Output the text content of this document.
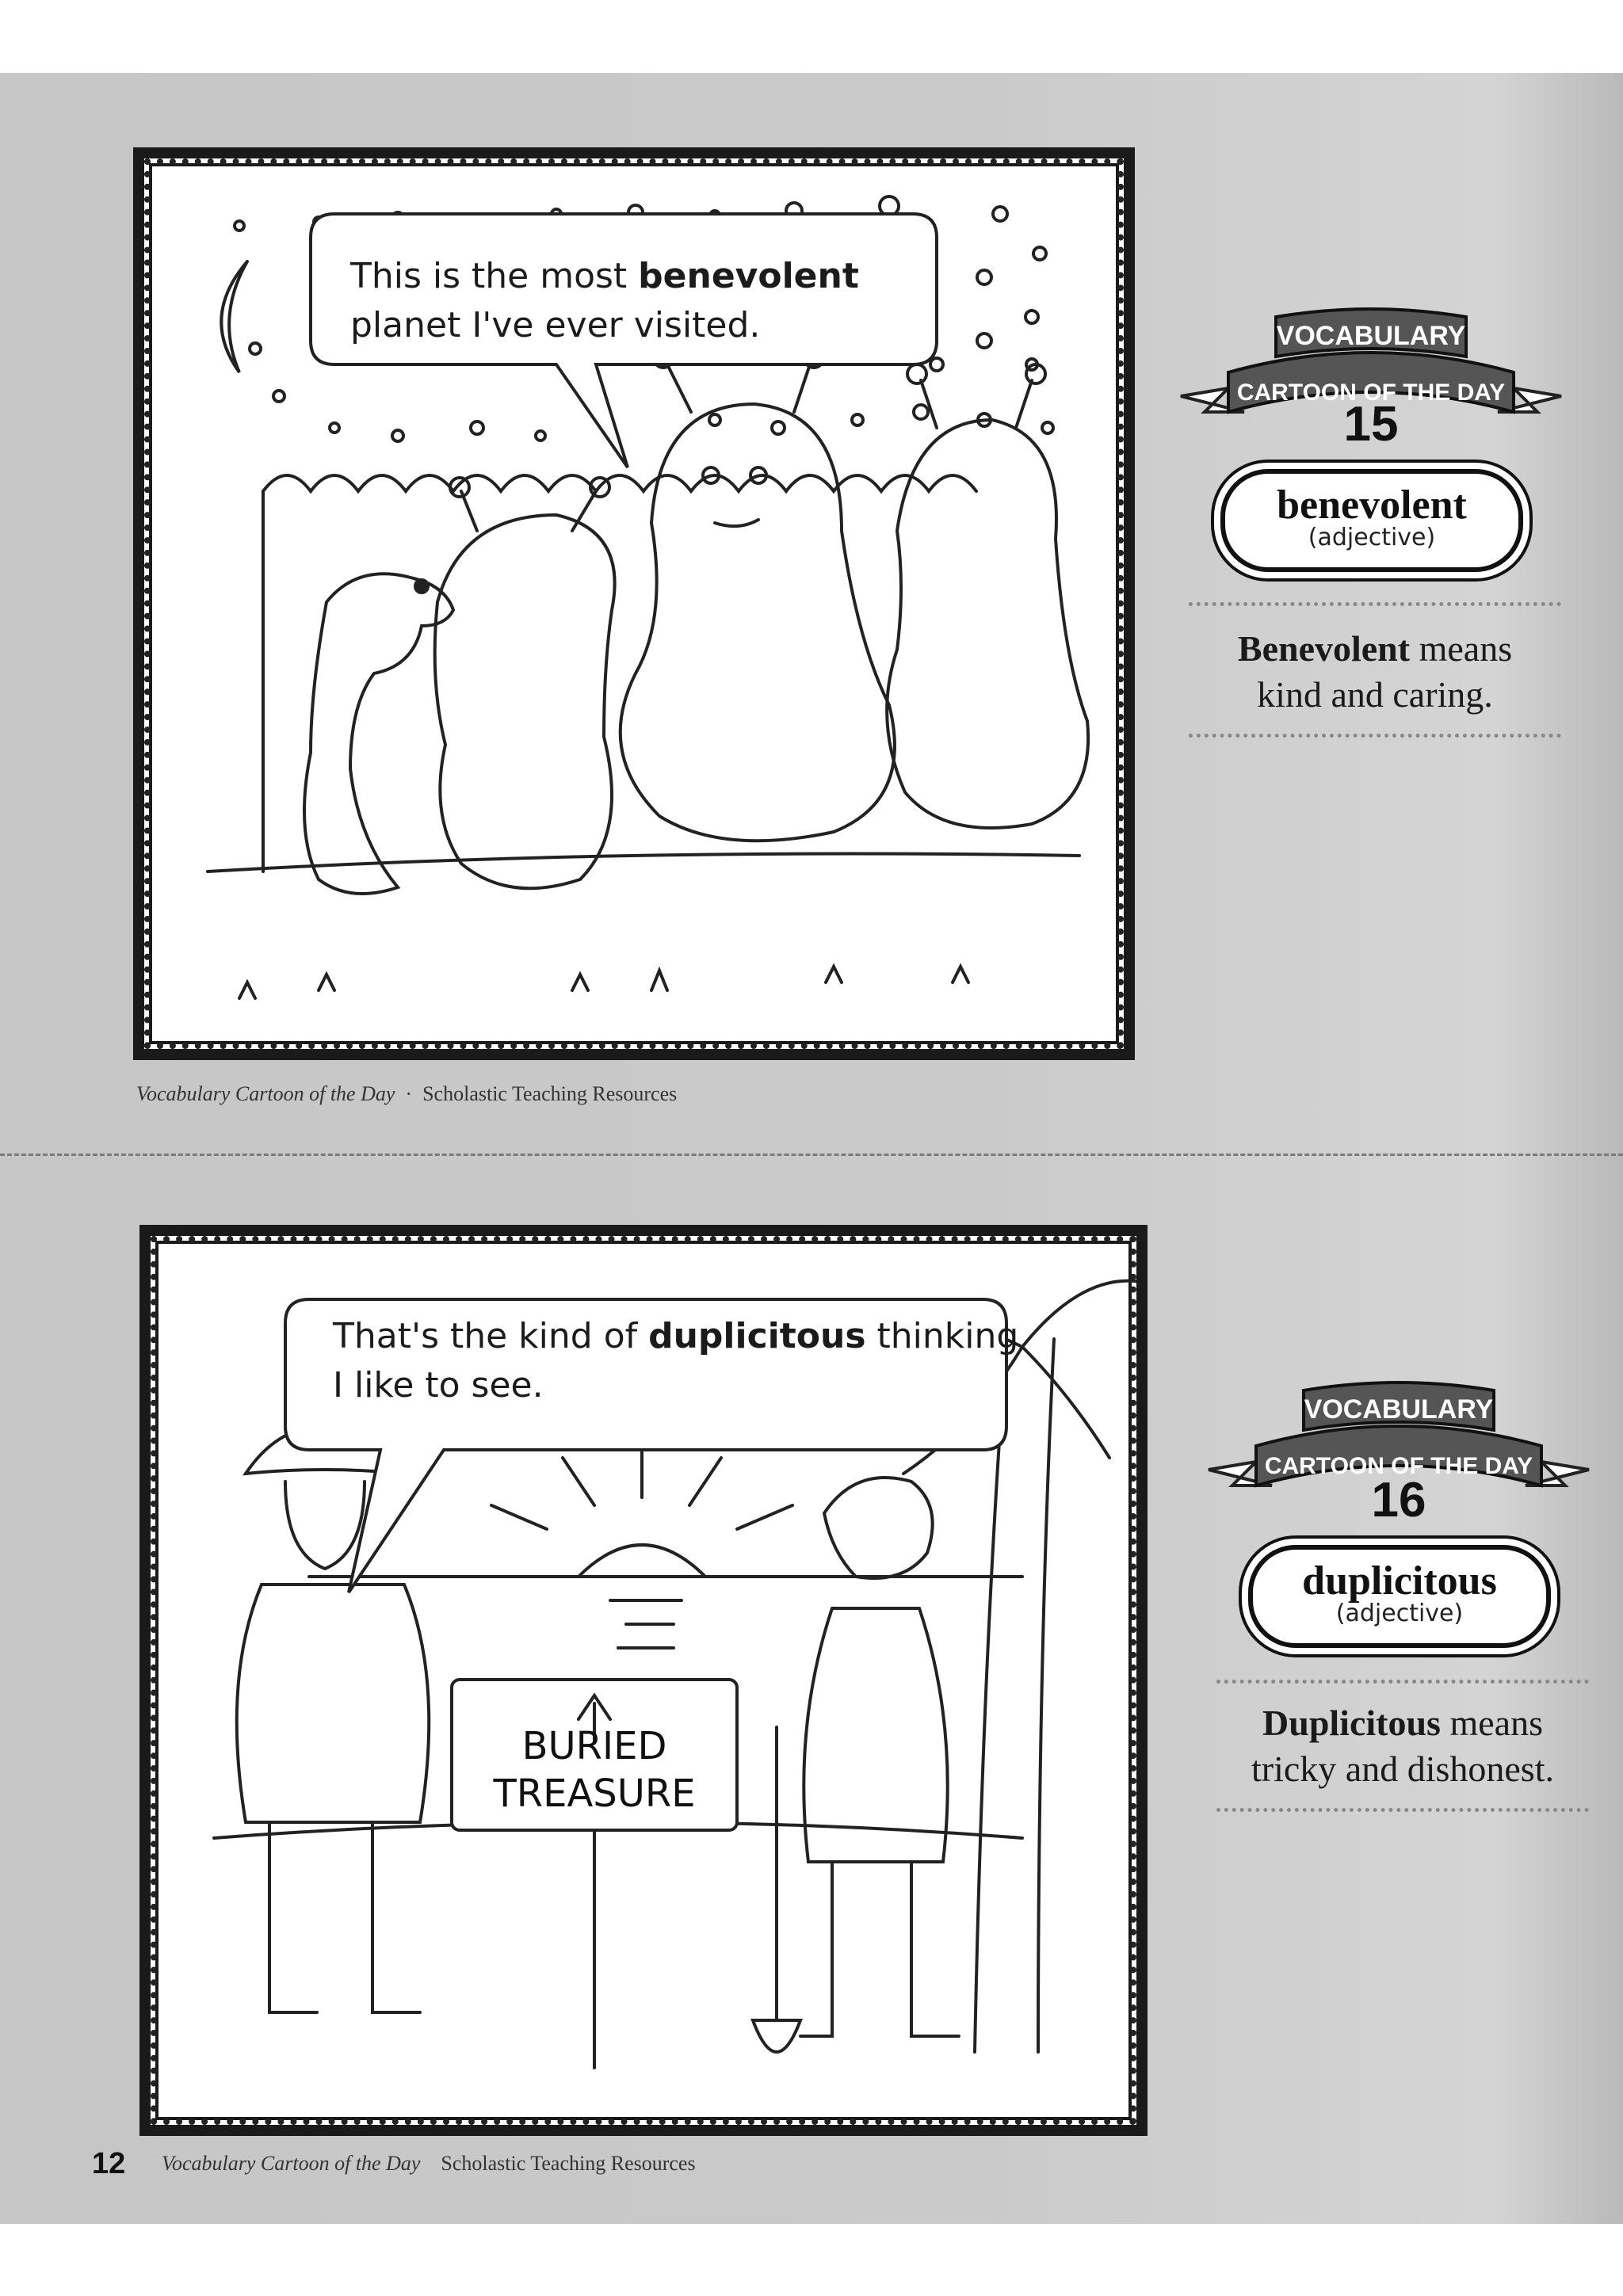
This is the most benevolent
planet I've ever visited.
Vocabulary Cartoon of the Day  ·  Scholastic Teaching Resources
VOCABULARY
CARTOON OF THE DAY
15
benevolent
(adjective)
Benevolent means
kind and caring.
BURIED
TREASURE
That's the kind of duplicitous thinking
I like to see.
12 Vocabulary Cartoon of the Day Scholastic Teaching Resources
VOCABULARY
CARTOON OF THE DAY
16
duplicitous
(adjective)
Duplicitous means
tricky and dishonest.
